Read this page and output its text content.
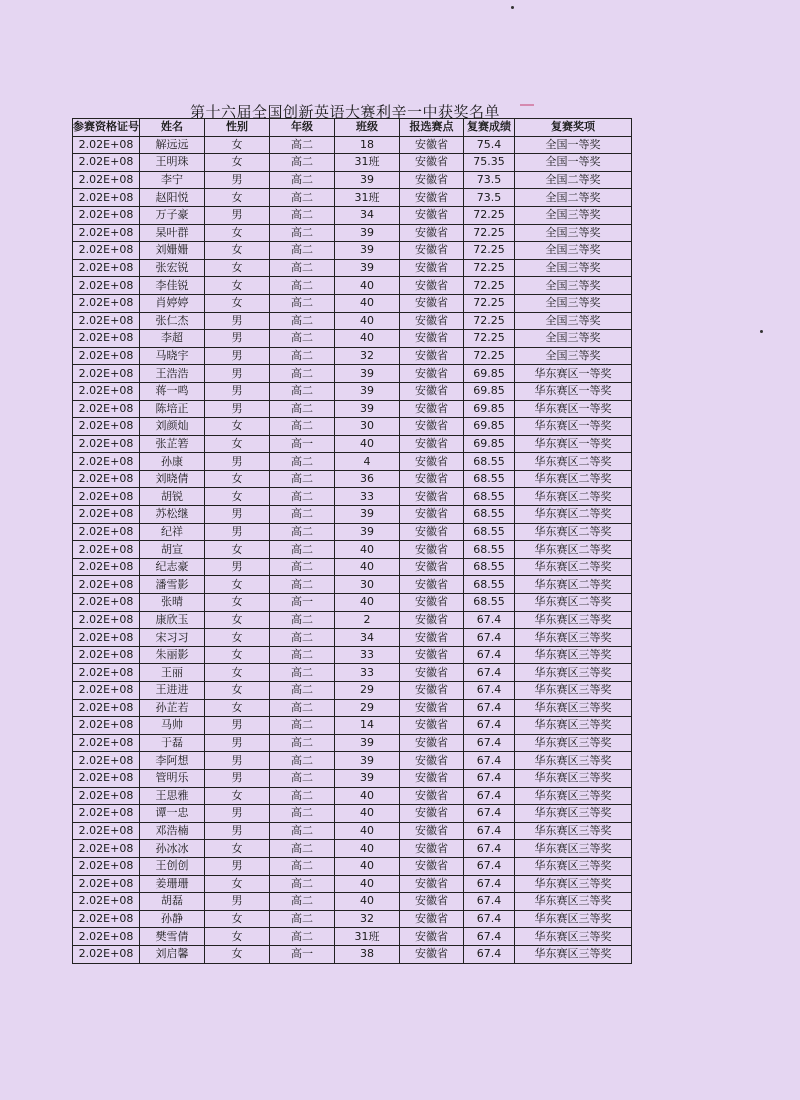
第十六届全国创新英语大赛利辛一中获奖名单
参赛资格证号	姓名	性别	年级	班级	报选赛点	复赛成绩	复赛奖项
2.02E+08	解远远	女	高二	18	安徽省	75.4	全国一等奖
2.02E+08	王明珠	女	高二	31班	安徽省	75.35	全国一等奖
2.02E+08	李宁	男	高二	39	安徽省	73.5	全国二等奖
2.02E+08	赵阳悦	女	高二	31班	安徽省	73.5	全国二等奖
2.02E+08	万子豪	男	高二	34	安徽省	72.25	全国三等奖
2.02E+08	杲叶群	女	高二	39	安徽省	72.25	全国三等奖
2.02E+08	刘姗姗	女	高二	39	安徽省	72.25	全国三等奖
2.02E+08	张宏锐	女	高二	39	安徽省	72.25	全国三等奖
2.02E+08	李佳锐	女	高二	40	安徽省	72.25	全国三等奖
2.02E+08	肖婷婷	女	高二	40	安徽省	72.25	全国三等奖
2.02E+08	张仁杰	男	高二	40	安徽省	72.25	全国三等奖
2.02E+08	李超	男	高二	40	安徽省	72.25	全国三等奖
2.02E+08	马晓宇	男	高二	32	安徽省	72.25	全国三等奖
2.02E+08	王浩浩	男	高二	39	安徽省	69.85	华东赛区一等奖
2.02E+08	蒋一鸣	男	高二	39	安徽省	69.85	华东赛区一等奖
2.02E+08	陈培正	男	高二	39	安徽省	69.85	华东赛区一等奖
2.02E+08	刘颜灿	女	高二	30	安徽省	69.85	华东赛区一等奖
2.02E+08	张芷箬	女	高一	40	安徽省	69.85	华东赛区一等奖
2.02E+08	孙康	男	高二	4	安徽省	68.55	华东赛区二等奖
2.02E+08	刘晓倩	女	高二	36	安徽省	68.55	华东赛区二等奖
2.02E+08	胡锐	女	高二	33	安徽省	68.55	华东赛区二等奖
2.02E+08	苏松继	男	高二	39	安徽省	68.55	华东赛区二等奖
2.02E+08	纪祥	男	高二	39	安徽省	68.55	华东赛区二等奖
2.02E+08	胡宣	女	高二	40	安徽省	68.55	华东赛区二等奖
2.02E+08	纪志豪	男	高二	40	安徽省	68.55	华东赛区二等奖
2.02E+08	潘雪影	女	高二	30	安徽省	68.55	华东赛区二等奖
2.02E+08	张晴	女	高一	40	安徽省	68.55	华东赛区二等奖
2.02E+08	康欣玉	女	高二	2	安徽省	67.4	华东赛区三等奖
2.02E+08	宋习习	女	高二	34	安徽省	67.4	华东赛区三等奖
2.02E+08	朱丽影	女	高二	33	安徽省	67.4	华东赛区三等奖
2.02E+08	王丽	女	高二	33	安徽省	67.4	华东赛区三等奖
2.02E+08	王进进	女	高二	29	安徽省	67.4	华东赛区三等奖
2.02E+08	孙芷若	女	高二	29	安徽省	67.4	华东赛区三等奖
2.02E+08	马帅	男	高二	14	安徽省	67.4	华东赛区三等奖
2.02E+08	于磊	男	高二	39	安徽省	67.4	华东赛区三等奖
2.02E+08	李阿想	男	高二	39	安徽省	67.4	华东赛区三等奖
2.02E+08	管明乐	男	高二	39	安徽省	67.4	华东赛区三等奖
2.02E+08	王思雅	女	高二	40	安徽省	67.4	华东赛区三等奖
2.02E+08	谭一忠	男	高二	40	安徽省	67.4	华东赛区三等奖
2.02E+08	邓浩楠	男	高二	40	安徽省	67.4	华东赛区三等奖
2.02E+08	孙冰冰	女	高二	40	安徽省	67.4	华东赛区三等奖
2.02E+08	王创创	男	高二	40	安徽省	67.4	华东赛区三等奖
2.02E+08	姜珊珊	女	高二	40	安徽省	67.4	华东赛区三等奖
2.02E+08	胡磊	男	高二	40	安徽省	67.4	华东赛区三等奖
2.02E+08	孙静	女	高二	32	安徽省	67.4	华东赛区三等奖
2.02E+08	樊雪倩	女	高二	31班	安徽省	67.4	华东赛区三等奖
2.02E+08	刘启馨	女	高一	38	安徽省	67.4	华东赛区三等奖
